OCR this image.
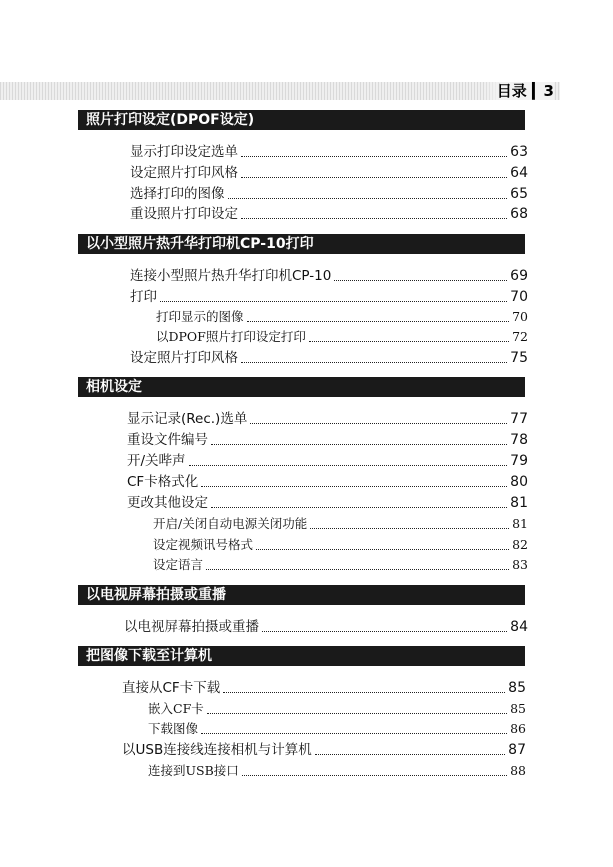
目录 ▎3
照片打印设定(DPOF设定)
显示打印设定选单	63
设定照片打印风格	64
选择打印的图像	65
重设照片打印设定	68
以小型照片热升华打印机CP-10打印
连接小型照片热升华打印机CP-10	69
打印	70
打印显示的图像	70
以DPOF照片打印设定打印	72
设定照片打印风格	75
相机设定
显示记录(Rec.)选单	77
重设文件编号	78
开/关哔声	79
CF卡格式化	80
更改其他设定	81
开启/关闭自动电源关闭功能	81
设定视频讯号格式	82
设定语言	83
以电视屏幕拍摄或重播
以电视屏幕拍摄或重播	84
把图像下载至计算机
直接从CF卡下载	85
嵌入CF卡	85
下载图像	86
以USB连接线连接相机与计算机	87
连接到USB接口	88
